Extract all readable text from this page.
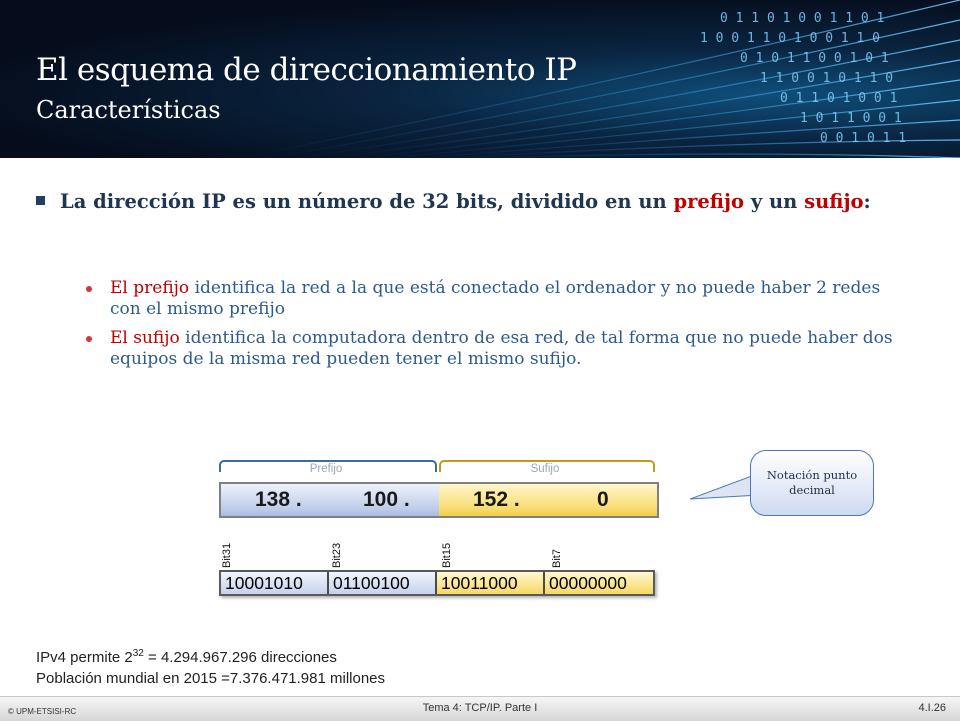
0 1 1 0 1 0 0 1 1 0 1
1 0 0 1 1 0 1 0 0 1 1 0
0 1 0 1 1 0 0 1 0 1
1 1 0 0 1 0 1 1 0
0 1 1 0 1 0 0 1
1 0 1 1 0 0 1
0 0 1 0 1 1
El esquema de direccionamiento IP
Características
La dirección IP es un número de 32 bits, dividido en un prefijo y un sufijo:
El prefijo identifica la red a la que está conectado el ordenador y no puede haber 2 redes con el mismo prefijo
El sufijo identifica la computadora dentro de esa red, de tal forma que no puede haber dos equipos de la misma red pueden tener el mismo sufijo.
Prefijo	Sufijo
138 .	100 .	152 .	0
Notación punto decimal
Bit31	Bit23	Bit15	Bit7
10001010	01100100	10011000	00000000
IPv4 permite $2^{32} = 4.294.967.296$ direcciones
Población mundial en 2015 =7.376.471.981 millones
© UPM-ETSISI-RC	Tema 4: TCP/IP. Parte I	4.I.26
